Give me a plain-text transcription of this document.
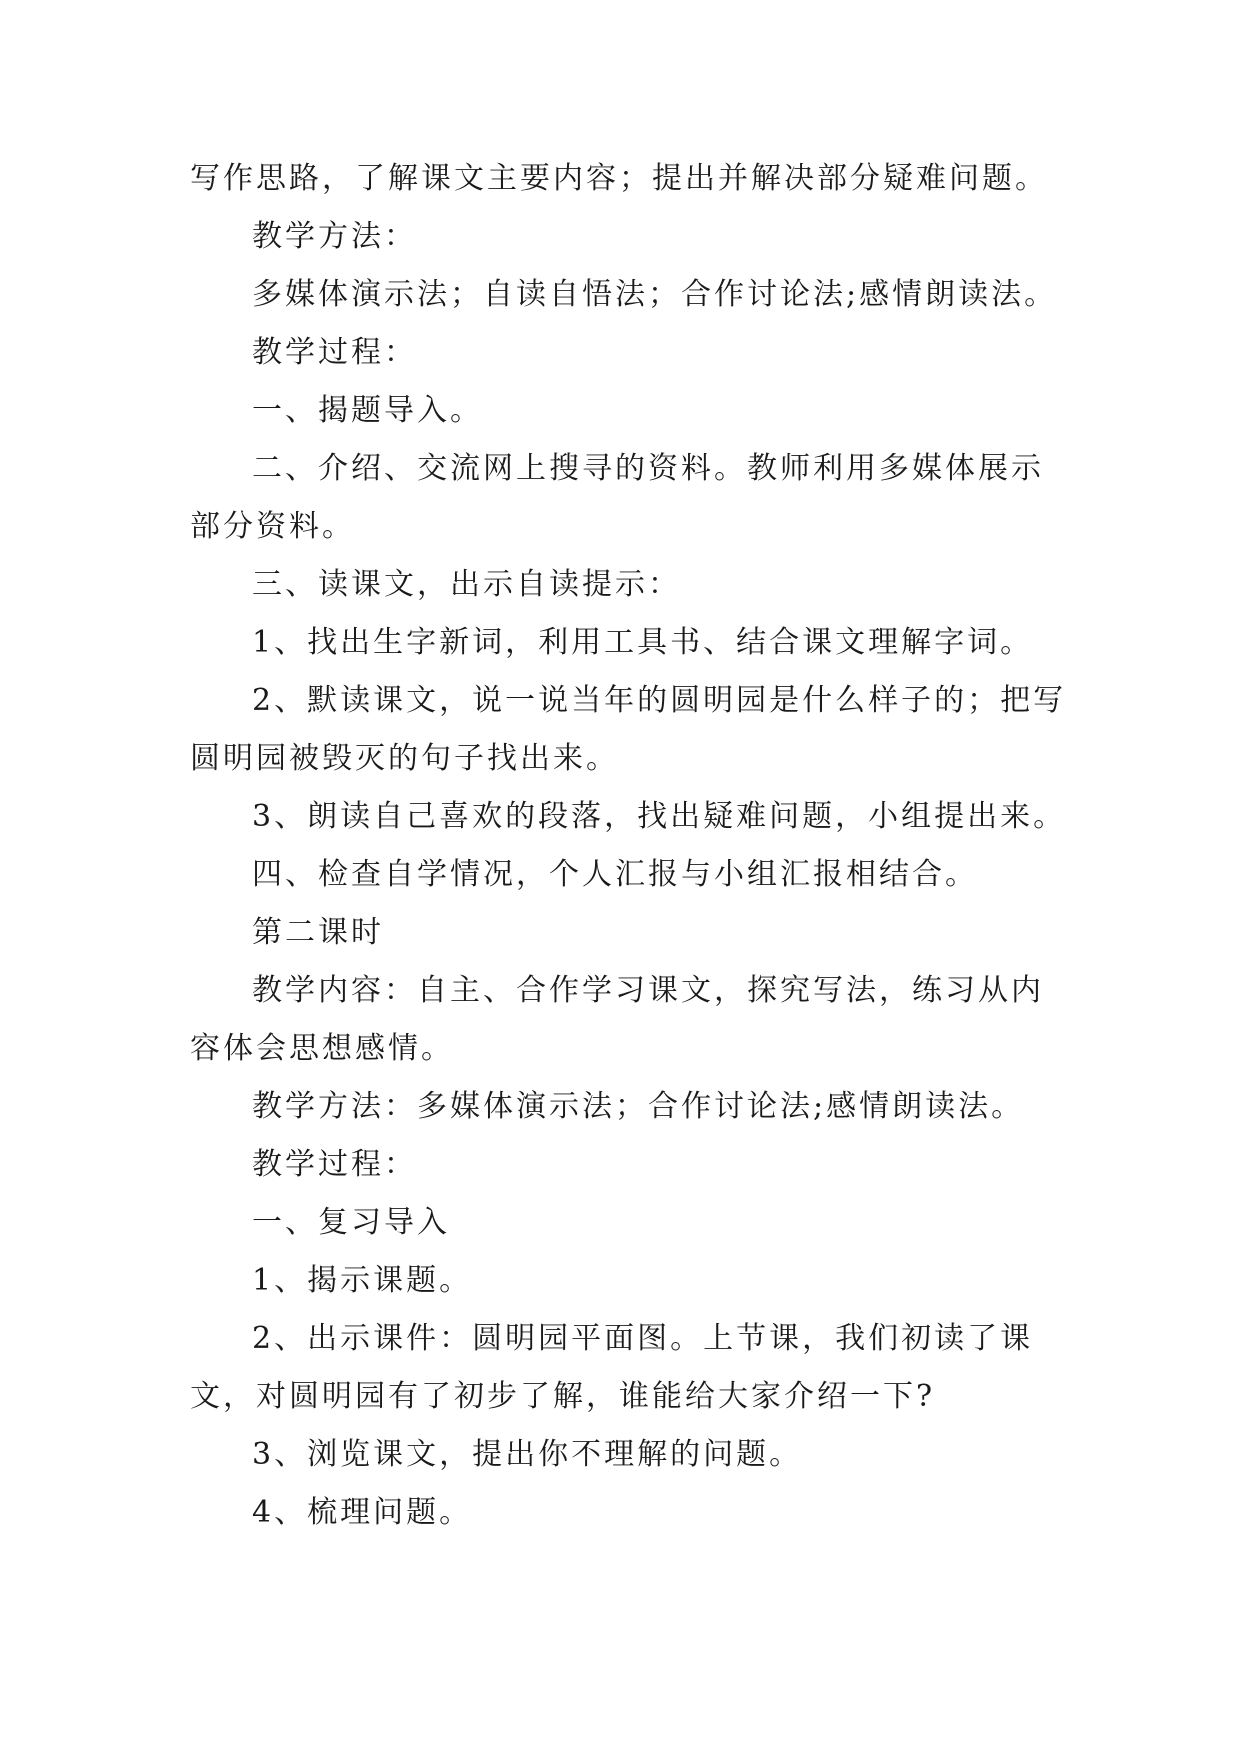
写作思路，了解课文主要内容；提出并解决部分疑难问题。

教学方法：

多媒体演示法；自读自悟法；合作讨论法;感情朗读法。

教学过程：

一、揭题导入。

二、介绍、交流网上搜寻的资料。教师利用多媒体展示部分资料。

三、读课文，出示自读提示：

1、找出生字新词，利用工具书、结合课文理解字词。

2、默读课文，说一说当年的圆明园是什么样子的；把写圆明园被毁灭的句子找出来。

3、朗读自己喜欢的段落，找出疑难问题，小组提出来。

四、检查自学情况，个人汇报与小组汇报相结合。

第二课时

教学内容：自主、合作学习课文，探究写法，练习从内容体会思想感情。

教学方法：多媒体演示法；合作讨论法;感情朗读法。

教学过程：

一、复习导入

1、揭示课题。

2、出示课件：圆明园平面图。上节课，我们初读了课文，对圆明园有了初步了解，谁能给大家介绍一下?

3、浏览课文，提出你不理解的问题。

4、梳理问题。
